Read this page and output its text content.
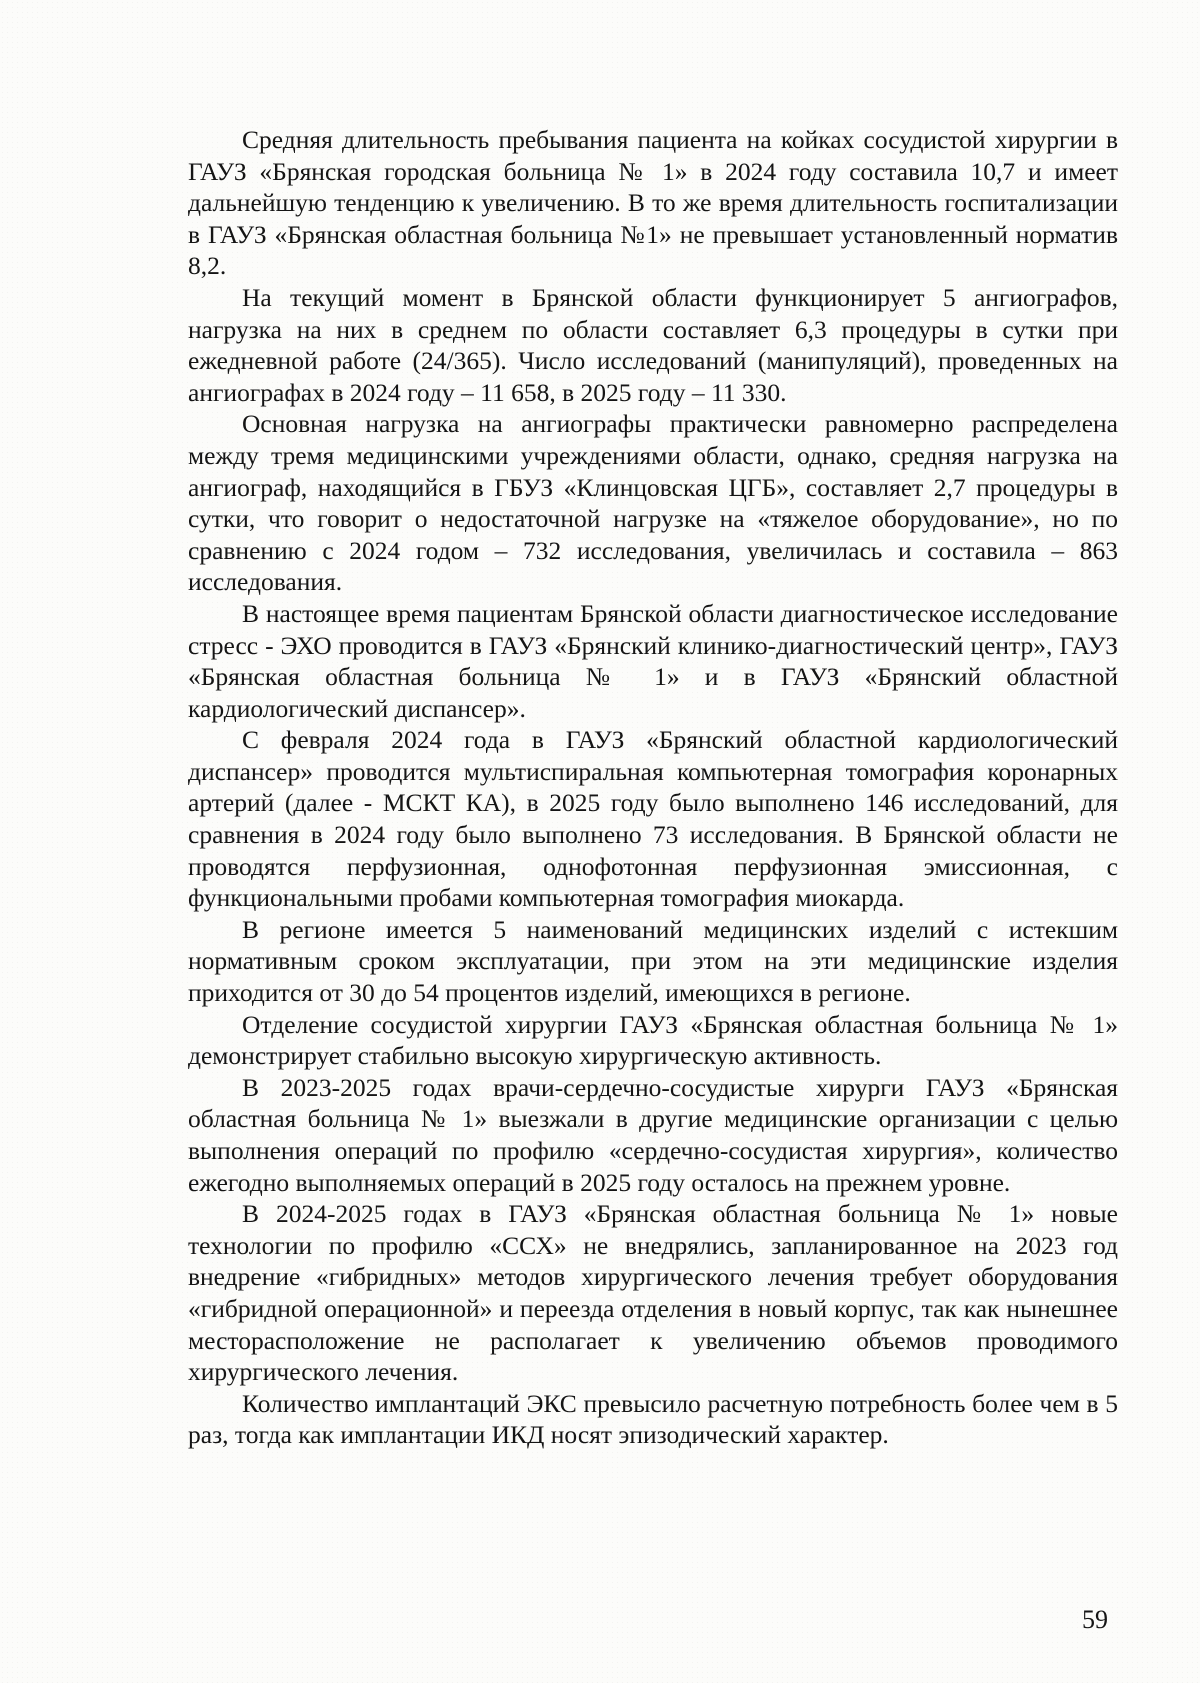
Средняя длительность пребывания пациента на койках сосудистой хирургии в ГАУЗ «Брянская городская больница № 1» в 2024 году составила 10,7 и имеет дальнейшую тенденцию к увеличению. В то же время длительность госпитализации в ГАУЗ «Брянская областная больница №1» не превышает установленный норматив 8,2.

На текущий момент в Брянской области функционирует 5 ангиографов, нагрузка на них в среднем по области составляет 6,3 процедуры в сутки при ежедневной работе (24/365). Число исследований (манипуляций), проведенных на ангиографах в 2024 году – 11 658, в 2025 году – 11 330.

Основная нагрузка на ангиографы практически равномерно распределена между тремя медицинскими учреждениями области, однако, средняя нагрузка на ангиограф, находящийся в ГБУЗ «Клинцовская ЦГБ», составляет 2,7 процедуры в сутки, что говорит о недостаточной нагрузке на «тяжелое оборудование», но по сравнению с 2024 годом – 732 исследования, увеличилась и составила – 863 исследования.

В настоящее время пациентам Брянской области диагностическое исследование стресс - ЭХО проводится в ГАУЗ «Брянский клинико-диагностический центр», ГАУЗ «Брянская областная больница № 1» и в ГАУЗ «Брянский областной кардиологический диспансер».

С февраля 2024 года в ГАУЗ «Брянский областной кардиологический диспансер» проводится мультиспиральная компьютерная томография коронарных артерий (далее - МСКТ КА), в 2025 году было выполнено 146 исследований, для сравнения в 2024 году было выполнено 73 исследования. В Брянской области не проводятся перфузионная, однофотонная перфузионная эмиссионная, с функциональными пробами компьютерная томография миокарда.

В регионе имеется 5 наименований медицинских изделий с истекшим нормативным сроком эксплуатации, при этом на эти медицинские изделия приходится от 30 до 54 процентов изделий, имеющихся в регионе.

Отделение сосудистой хирургии ГАУЗ «Брянская областная больница № 1» демонстрирует стабильно высокую хирургическую активность.

В 2023-2025 годах врачи-сердечно-сосудистые хирурги ГАУЗ «Брянская областная больница № 1» выезжали в другие медицинские организации с целью выполнения операций по профилю «сердечно-сосудистая хирургия», количество ежегодно выполняемых операций в 2025 году осталось на прежнем уровне.

В 2024-2025 годах в ГАУЗ «Брянская областная больница № 1» новые технологии по профилю «ССХ» не внедрялись, запланированное на 2023 год внедрение «гибридных» методов хирургического лечения требует оборудования «гибридной операционной» и переезда отделения в новый корпус, так как нынешнее месторасположение не располагает к увеличению объемов проводимого хирургического лечения.

Количество имплантаций ЭКС превысило расчетную потребность более чем в 5 раз, тогда как имплантации ИКД носят эпизодический характер.

59
